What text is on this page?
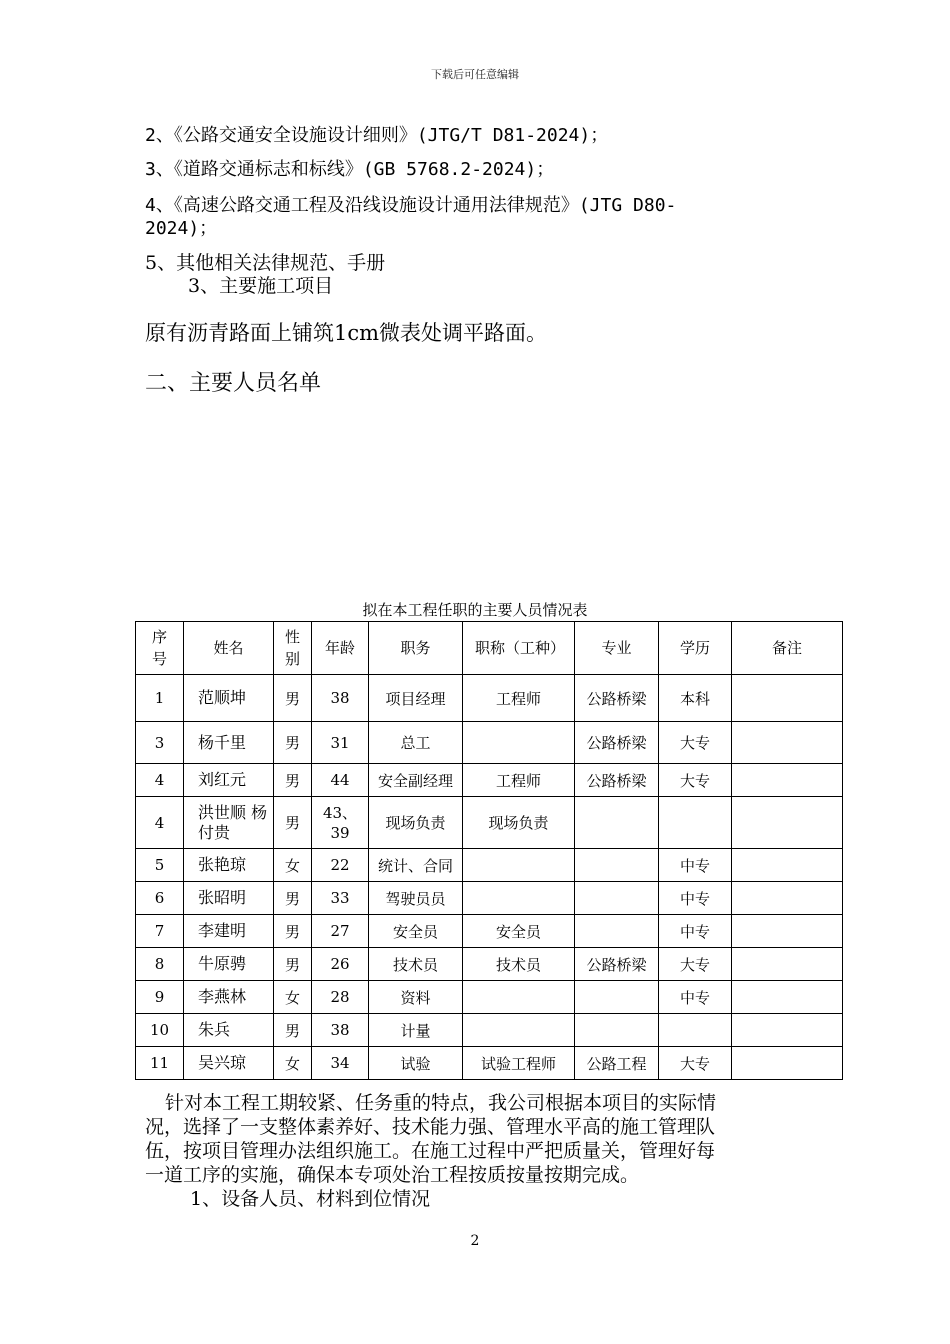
下载后可任意编辑
2、《公路交通安全设施设计细则》(JTG/T D81-2024)；
3、《道路交通标志和标线》(GB 5768.2-2024)；
4、《高速公路交通工程及沿线设施设计通用法律规范》(JTG D80-
2024)；
5、其他相关法律规范、手册
3、主要施工项目
原有沥青路面上铺筑1cm微表处调平路面。
二、主要人员名单
拟在本工程任职的主要人员情况表
序号	姓名	性别	年龄	职务	职称（工种）	专业	学历	备注
1	范顺坤	男	38	项目经理	工程师	公路桥梁	本科	
3	杨千里	男	31	总工		公路桥梁	大专	
4	刘红元	男	44	安全副经理	工程师	公路桥梁	大专	
4	洪世顺 杨付贵	男	43、39	现场负责	现场负责			
5	张艳琼	女	22	统计、合同			中专	
6	张昭明	男	33	驾驶员员			中专	
7	李建明	男	27	安全员	安全员		中专	
8	牛原骋	男	26	技术员	技术员	公路桥梁	大专	
9	李燕林	女	28	资料			中专	
10	朱兵	男	38	计量				
11	吴兴琼	女	34	试验	试验工程师	公路工程	大专	
针对本工程工期较紧、任务重的特点，我公司根据本项目的实际情
况，选择了一支整体素养好、技术能力强、管理水平高的施工管理队
伍，按项目管理办法组织施工。在施工过程中严把质量关，管理好每
一道工序的实施，确保本专项处治工程按质按量按期完成。
1、设备人员、材料到位情况
2
